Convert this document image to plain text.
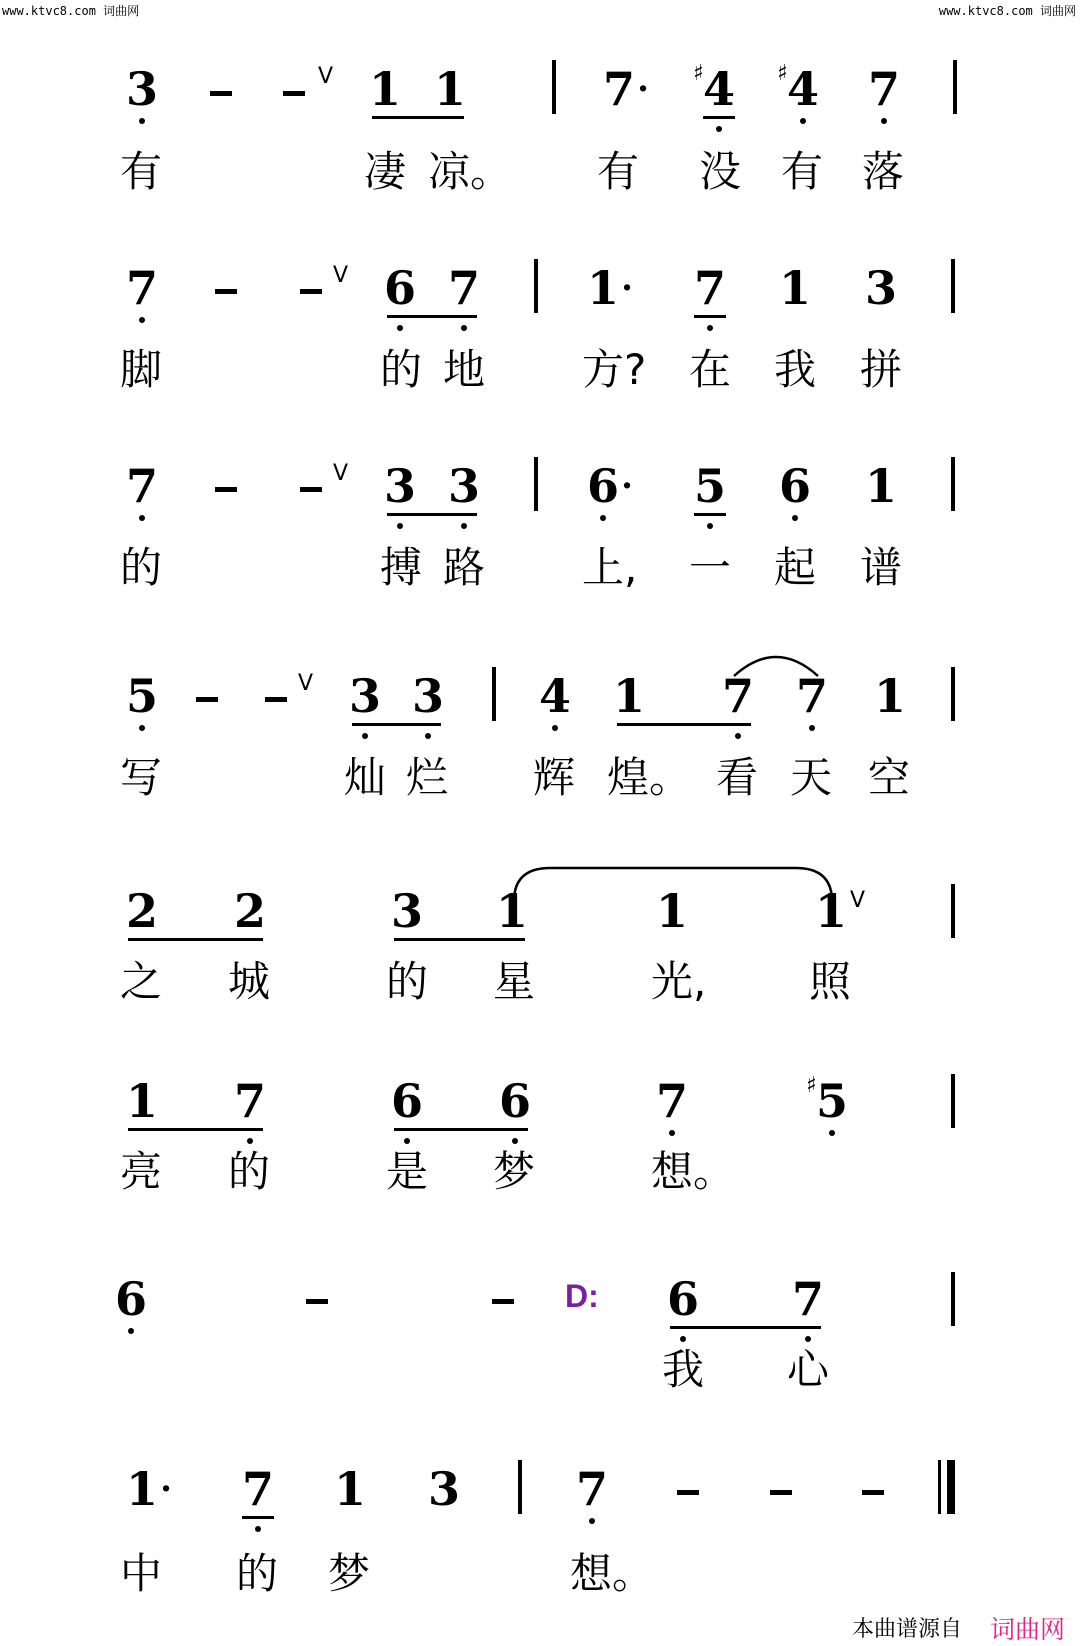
www.ktvc8.com 词曲网	www.ktvc8.com 词曲网
3	V 1 1	7 · ♯ 4 ♯ 4 7
有	凄 凉。 有 没 有 落
7	V 6 7 1 · 7 1 3
脚	的 地 方? 在 我 拼
7	V 3 3 6 · 5 6 1
的	搏 路 上, 一 起 谱
5	V 3 3 4 1 7 7 1
写	灿 烂 辉 煌。 看 天 空
2 2	3 1	1	1 V
之 城	的 星	光, 照
1 7	6 6	7	♯ 5
亮 的	是 梦	想。
6	D: 6 7
我 心
1 · 7 1 3	7
中 的 梦	想。
本曲谱源自 词曲网
